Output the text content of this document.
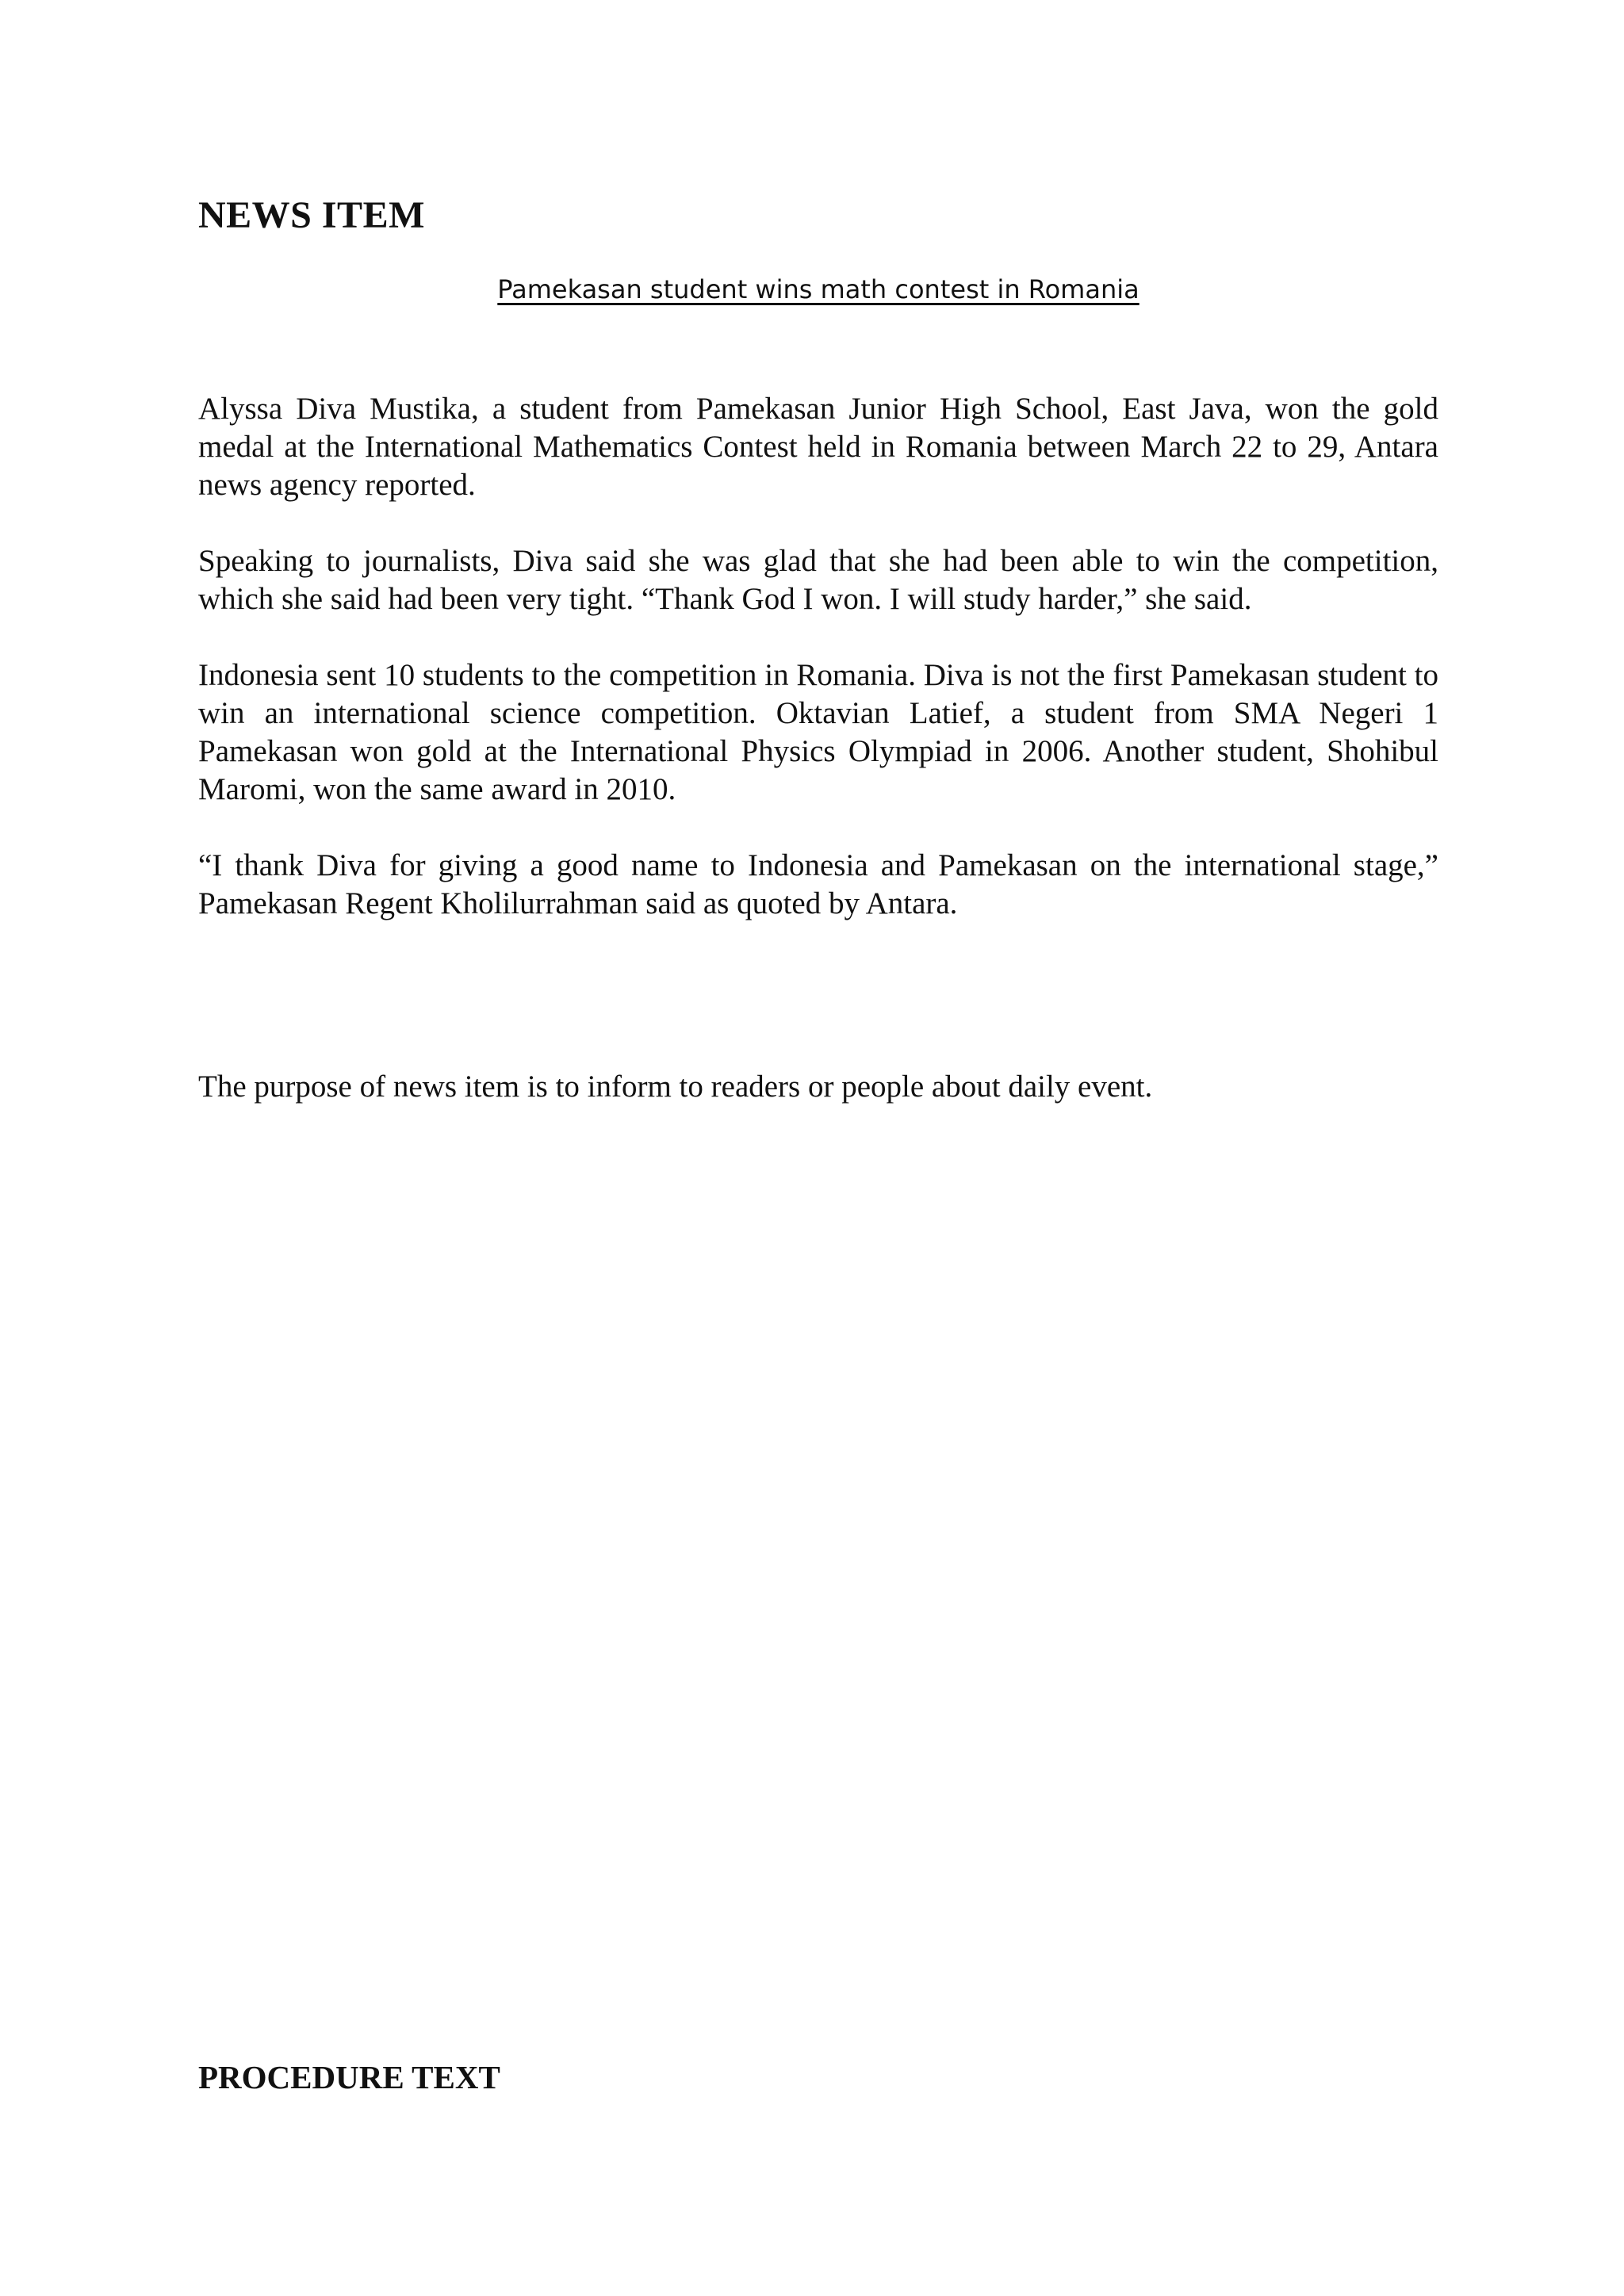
NEWS ITEM

Pamekasan student wins math contest in Romania

Alyssa Diva Mustika, a student from Pamekasan Junior High School, East Java, won the gold medal at the International Mathematics Contest held in Romania between March 22 to 29, Antara news agency reported.

Speaking to journalists, Diva said she was glad that she had been able to win the competition, which she said had been very tight. “Thank God I won. I will study harder,” she said.

Indonesia sent 10 students to the competition in Romania. Diva is not the first Pamekasan student to win an international science competition. Oktavian Latief, a student from SMA Negeri 1 Pamekasan won gold at the International Physics Olympiad in 2006. Another student, Shohibul Maromi, won the same award in 2010.

“I thank Diva for giving a good name to Indonesia and Pamekasan on the international stage,” Pamekasan Regent Kholilurrahman said as quoted by Antara.

The purpose of news item is to inform to readers or people about daily event.

PROCEDURE TEXT
